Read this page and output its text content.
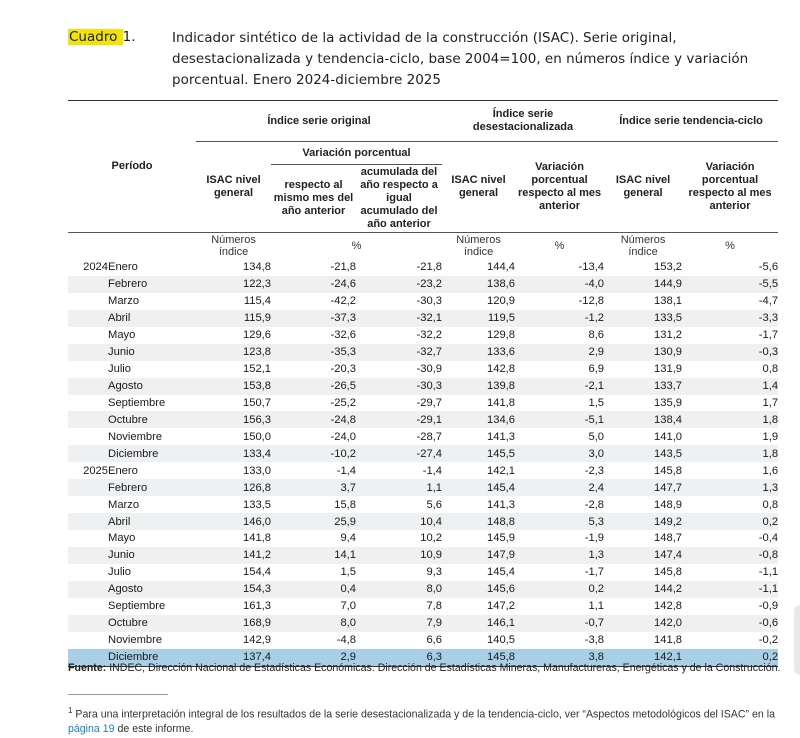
Cuadro 1.	Indicador sintético de la actividad de la construcción (ISAC). Serie original, desestacionalizada y tendencia-ciclo, base 2004=100, en números índice y variación porcentual. Enero 2024-diciembre 2025
Período		Índice serie original			Índice serie desestacionalizada		Índice serie tendencia-ciclo	
		ISAC nivel general	Variación porcentual		ISAC nivel general	Variación porcentual respecto al mes anterior	ISAC nivel general	Variación porcentual respecto al mes anterior
			respecto al mismo mes del año anterior	acumulada del año respecto a igual acumulado del año anterior				
		Números índice	%		Números índice	%	Números índice	%
2024	Enero	134,8	-21,8	-21,8	144,4	-13,4	153,2	-5,6
	Febrero	122,3	-24,6	-23,2	138,6	-4,0	144,9	-5,5
	Marzo	115,4	-42,2	-30,3	120,9	-12,8	138,1	-4,7
	Abril	115,9	-37,3	-32,1	119,5	-1,2	133,5	-3,3
	Mayo	129,6	-32,6	-32,2	129,8	8,6	131,2	-1,7
	Junio	123,8	-35,3	-32,7	133,6	2,9	130,9	-0,3
	Julio	152,1	-20,3	-30,9	142,8	6,9	131,9	0,8
	Agosto	153,8	-26,5	-30,3	139,8	-2,1	133,7	1,4
	Septiembre	150,7	-25,2	-29,7	141,8	1,5	135,9	1,7
	Octubre	156,3	-24,8	-29,1	134,6	-5,1	138,4	1,8
	Noviembre	150,0	-24,0	-28,7	141,3	5,0	141,0	1,9
	Diciembre	133,4	-10,2	-27,4	145,5	3,0	143,5	1,8
2025	Enero	133,0	-1,4	-1,4	142,1	-2,3	145,8	1,6
	Febrero	126,8	3,7	1,1	145,4	2,4	147,7	1,3
	Marzo	133,5	15,8	5,6	141,3	-2,8	148,9	0,8
	Abril	146,0	25,9	10,4	148,8	5,3	149,2	0,2
	Mayo	141,8	9,4	10,2	145,9	-1,9	148,7	-0,4
	Junio	141,2	14,1	10,9	147,9	1,3	147,4	-0,8
	Julio	154,4	1,5	9,3	145,4	-1,7	145,8	-1,1
	Agosto	154,3	0,4	8,0	145,6	0,2	144,2	-1,1
	Septiembre	161,3	7,0	7,8	147,2	1,1	142,8	-0,9
	Octubre	168,9	8,0	7,9	146,1	-0,7	142,0	-0,6
	Noviembre	142,9	-4,8	6,6	140,5	-3,8	141,8	-0,2
	Diciembre	137,4	2,9	6,3	145,8	3,8	142,1	0,2
Fuente: INDEC, Dirección Nacional de Estadísticas Económicas. Dirección de Estadísticas Mineras, Manufactureras, Energéticas y de la Construcción.
$^1$ Para una interpretación integral de los resultados de la serie desestacionalizada y de la tendencia-ciclo, ver “Aspectos metodológicos del ISAC” en la página 19 de este informe.
